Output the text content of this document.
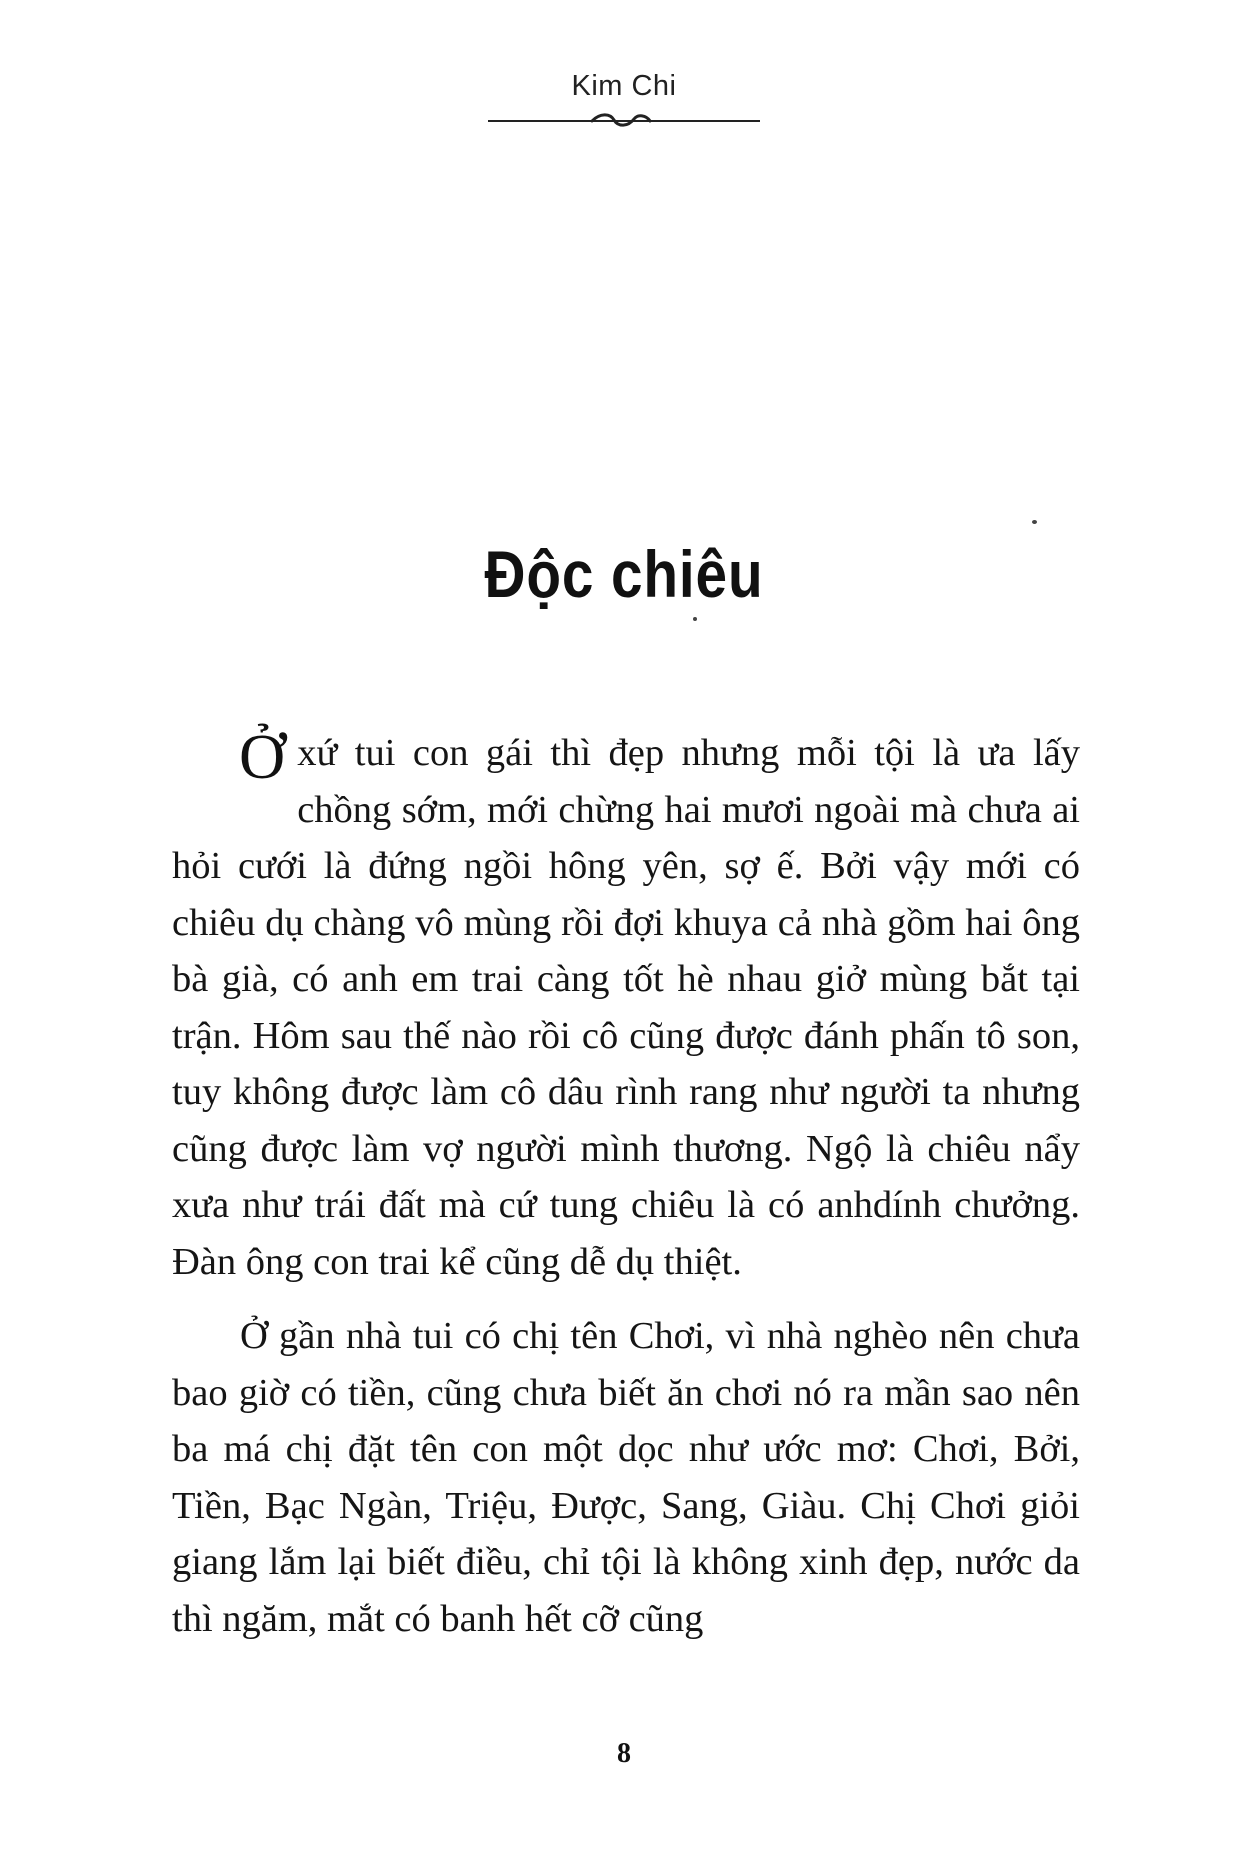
Kim Chi
Độc chiêu

Ởxứ tui con gái thì đẹp nhưng mỗi tội là ưa lấy chồng sớm, mới chừng hai mươi ngoài mà chưa ai hỏi cưới là đứng ngồi hông yên, sợ ế. Bởi vậy mới có chiêu dụ chàng vô mùng rồi đợi khuya cả nhà gồm hai ông bà già, có anh em trai càng tốt hè nhau giở mùng bắt tại trận. Hôm sau thế nào rồi cô cũng được đánh phấn tô son, tuy không được làm cô dâu rình rang như người ta nhưng cũng được làm vợ người mình thương. Ngộ là chiêu nẩy xưa như trái đất mà cứ tung chiêu là có anhdính chưởng. Đàn ông con trai kể cũng dễ dụ thiệt.

Ở gần nhà tui có chị tên Chơi, vì nhà nghèo nên chưa bao giờ có tiền, cũng chưa biết ăn chơi nó ra mần sao nên ba má chị đặt tên con một dọc như ước mơ: Chơi, Bởi, Tiền, Bạc Ngàn, Triệu, Được, Sang, Giàu. Chị Chơi giỏi giang lắm lại biết điều, chỉ tội là không xinh đẹp, nước da thì ngăm, mắt có banh hết cỡ cũng

8
